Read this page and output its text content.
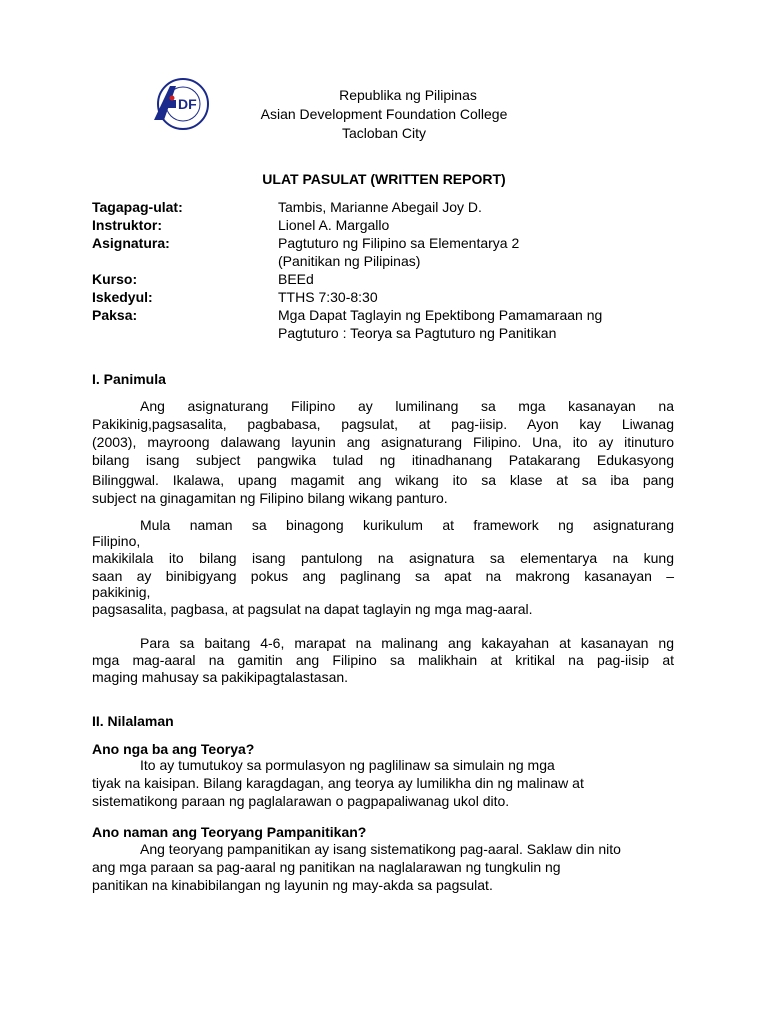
DF
Republika ng Pilipinas
Asian Development Foundation College
Tacloban City
ULAT PASULAT (WRITTEN REPORT)
Tagapag-ulat:	Tambis, Marianne Abegail Joy D.
Instruktor:	Lionel A. Margallo
Asignatura:	Pagtuturo ng Filipino sa Elementarya 2
(Panitikan ng Pilipinas)
Kurso:	BEEd
Iskedyul:	TTHS 7:30-8:30
Paksa:	Mga Dapat Taglayin ng Epektibong Pamamaraan ng
Pagtuturo : Teorya sa Pagtuturo ng Panitikan
I. Panimula
Ang asignaturang Filipino ay lumilinang sa mga kasanayan na
Pakikinig,pagsasalita, pagbabasa, pagsulat, at pag-iisip. Ayon kay Liwanag
(2003), mayroong dalawang layunin ang asignaturang Filipino. Una, ito ay itinuturo
bilang isang subject pangwika tulad ng itinadhanang Patakarang Edukasyong
Bilinggwal. Ikalawa, upang magamit ang wikang ito sa klase at sa iba pang
subject na ginagamitan ng Filipino bilang wikang panturo.
Mula naman sa binagong kurikulum at framework ng asignaturang
Filipino,
makikilala ito bilang isang pantulong na asignatura sa elementarya na kung
saan ay binibigyang pokus ang paglinang sa apat na makrong kasanayan –
pakikinig,
pagsasalita, pagbasa, at pagsulat na dapat taglayin ng mga mag-aaral.
Para sa baitang 4-6, marapat na malinang ang kakayahan at kasanayan ng
mga mag-aaral na gamitin ang Filipino sa malikhain at kritikal na pag-iisip at
maging mahusay sa pakikipagtalastasan.
II. Nilalaman
Ano nga ba ang Teorya?
Ito ay tumutukoy sa pormulasyon ng paglilinaw sa simulain ng mga
tiyak na kaisipan. Bilang karagdagan, ang teorya ay lumilikha din ng malinaw at
sistematikong paraan ng paglalarawan o pagpapaliwanag ukol dito.
Ano naman ang Teoryang Pampanitikan?
Ang teoryang pampanitikan ay isang sistematikong pag-aaral. Saklaw din nito
ang mga paraan sa pag-aaral ng panitikan na naglalarawan ng tungkulin ng
panitikan na kinabibilangan ng layunin ng may-akda sa pagsulat.
